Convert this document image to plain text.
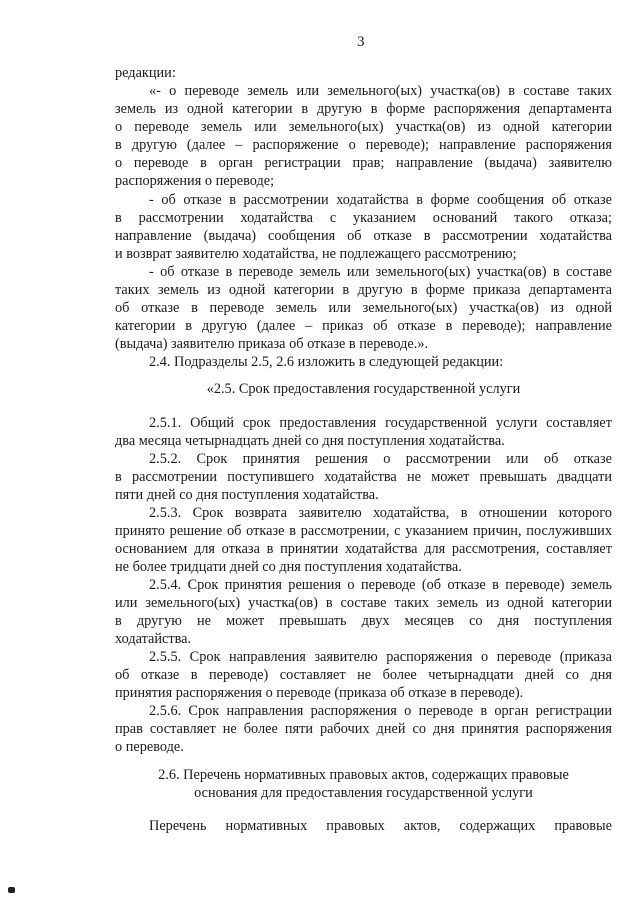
3
редакции:
«- о переводе земель или земельного(ых) участка(ов) в составе таких
земель из одной категории в другую в форме распоряжения департамента
о переводе земель или земельного(ых) участка(ов) из одной категории
в другую (далее – распоряжение о переводе); направление распоряжения
о переводе в орган регистрации прав; направление (выдача) заявителю
распоряжения о переводе;
- об отказе в рассмотрении ходатайства в форме сообщения об отказе
в рассмотрении ходатайства с указанием оснований такого отказа;
направление (выдача) сообщения об отказе в рассмотрении ходатайства
и возврат заявителю ходатайства, не подлежащего рассмотрению;
- об отказе в переводе земель или земельного(ых) участка(ов) в составе
таких земель из одной категории в другую в форме приказа департамента
об отказе в переводе земель или земельного(ых) участка(ов) из одной
категории в другую (далее – приказ об отказе в переводе); направление
(выдача) заявителю приказа об отказе в переводе.».
2.4. Подразделы 2.5, 2.6 изложить в следующей редакции:
«2.5. Срок предоставления государственной услуги
2.5.1. Общий срок предоставления государственной услуги составляет
два месяца четырнадцать дней со дня поступления ходатайства.
2.5.2. Срок принятия решения о рассмотрении или об отказе
в рассмотрении поступившего ходатайства не может превышать двадцати
пяти дней со дня поступления ходатайства.
2.5.3. Срок возврата заявителю ходатайства, в отношении которого
принято решение об отказе в рассмотрении, с указанием причин, послуживших
основанием для отказа в принятии ходатайства для рассмотрения, составляет
не более тридцати дней со дня поступления ходатайства.
2.5.4. Срок принятия решения о переводе (об отказе в переводе) земель
или земельного(ых) участка(ов) в составе таких земель из одной категории
в другую не может превышать двух месяцев со дня поступления
ходатайства.
2.5.5. Срок направления заявителю распоряжения о переводе (приказа
об отказе в переводе) составляет не более четырнадцати дней со дня
принятия распоряжения о переводе (приказа об отказе в переводе).
2.5.6. Срок направления распоряжения о переводе в орган регистрации
прав составляет не более пяти рабочих дней со дня принятия распоряжения
о переводе.
2.6. Перечень нормативных правовых актов, содержащих правовые
основания для предоставления государственной услуги
Перечень нормативных правовых актов, содержащих правовые
